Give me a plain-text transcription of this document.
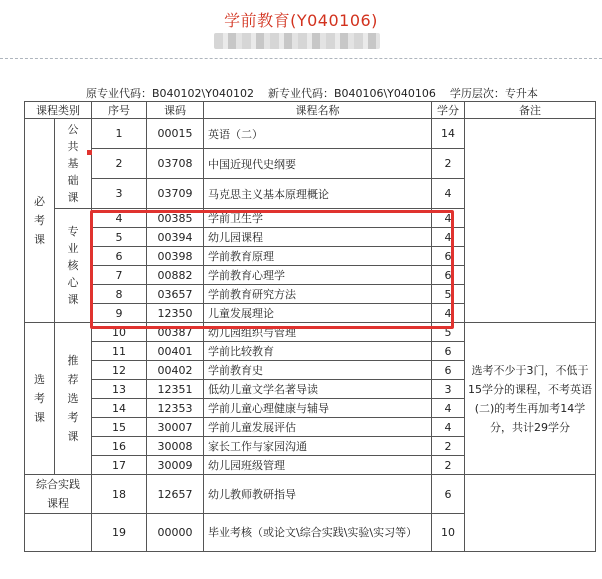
学前教育(Y040106)
原专业代码：B040102\Y040102    新专业代码：B040106\Y040106    学历层次：专升本
课程类别		序号	课码	课程名称	学分	备注
必考课	公共基础课	1	00015	英语（二）	14	
		2	03708	中国近现代史纲要	2	
		3	03709	马克思主义基本原理概论	4	
	专业核心课	4	00385	学前卫生学	4	
		5	00394	幼儿园课程	4	
		6	00398	学前教育原理	6	
		7	00882	学前教育心理学	6	
		8	03657	学前教育研究方法	5	
		9	12350	儿童发展理论	4	
选考课	推荐选考课	10	00387	幼儿园组织与管理	5	选考不少于3门，不低于15学分的课程，不考英语(二)的考生再加考14学分，共计29学分
		11	00401	学前比较教育	6	
		12	00402	学前教育史	6	
		13	12351	低幼儿童文学名著导读	3	
		14	12353	学前儿童心理健康与辅导	4	
		15	30007	学前儿童发展评估	4	
		16	30008	家长工作与家园沟通	2	
		17	30009	幼儿园班级管理	2	
综合实践课程		18	12657	幼儿教师教研指导	6	
		19	00000	毕业考核（或论文\综合实践\实验\实习等）	10	
